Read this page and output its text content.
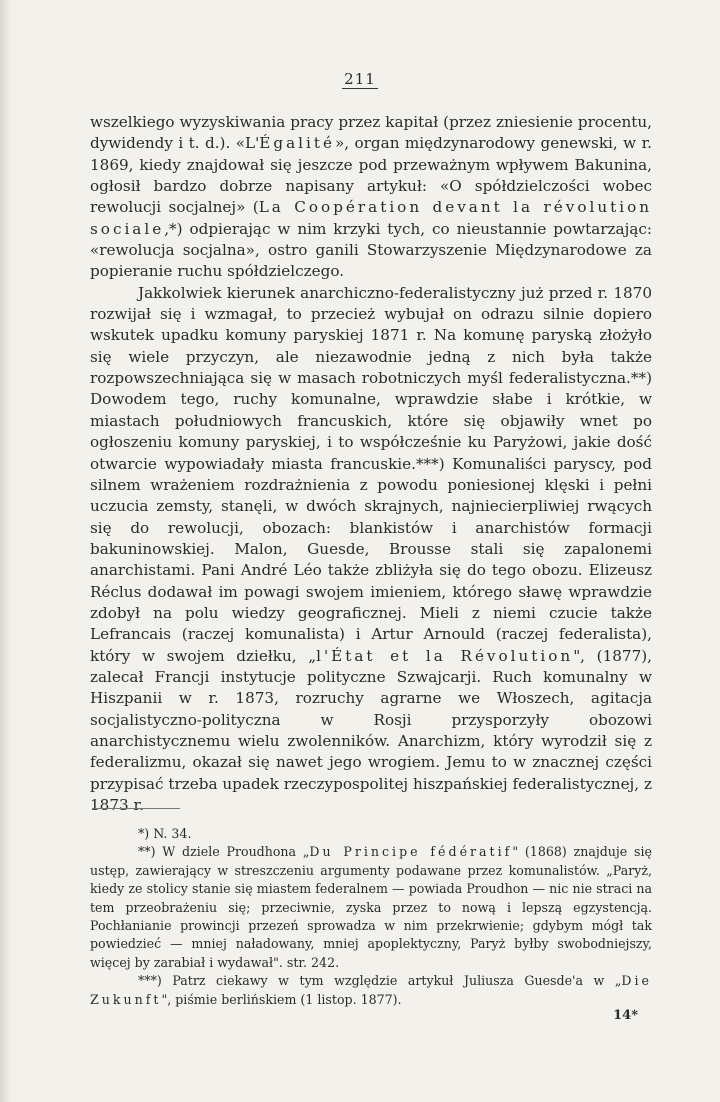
211

wszelkiego wyzyskiwania pracy przez kapitał (przez zniesienie procentu, dywidendy i t. d.). «L'Égalité», organ międzynarodowy genewski, w r. 1869, kiedy znajdował się jeszcze pod przeważnym wpływem Bakunina, ogłosił bardzo dobrze napisany artykuł: «O spółdzielczości wobec rewolucji socjalnej» (La Coopération devant la révolution sociale,*) odpierając w nim krzyki tych, co nieustannie powtarzając: «rewolucja socjalna», ostro ganili Stowarzyszenie Międzynarodowe za popieranie ruchu spółdzielczego.

Jakkolwiek kierunek anarchiczno-federalistyczny już przed r. 1870 rozwijał się i wzmagał, to przecież wybujał on odrazu silnie dopiero wskutek upadku komuny paryskiej 1871 r. Na komunę paryską złożyło się wiele przyczyn, ale niezawodnie jedną z nich była także rozpowszechniająca się w masach robotniczych myśl federalistyczna.**) Dowodem tego, ruchy komunalne, wprawdzie słabe i krótkie, w miastach południowych francuskich, które się objawiły wnet po ogłoszeniu komuny paryskiej, i to współcześnie ku Paryżowi, jakie dość otwarcie wypowiadały miasta francuskie.***) Komunaliści paryscy, pod silnem wrażeniem rozdrażnienia z powodu poniesionej klęski i pełni uczucia zemsty, stanęli, w dwóch skrajnych, najniecierpliwiej rwących się do rewolucji, obozach: blankistów i anarchistów formacji bakuninowskiej. Malon, Guesde, Brousse stali się zapalonemi anarchistami. Pani André Léo także zbliżyła się do tego obozu. Elizeusz Réclus dodawał im powagi swojem imieniem, którego sławę wprawdzie zdobył na polu wiedzy geograficznej. Mieli z niemi czucie także Lefrancais (raczej komunalista) i Artur Arnould (raczej federalista), który w swojem dziełku, „l'État et la Révolution", (1877), zalecał Francji instytucje polityczne Szwajcarji. Ruch komunalny w Hiszpanii w r. 1873, rozruchy agrarne we Włoszech, agitacja socjalistyczno-polityczna w Rosji przysporzyły obozowi anarchistycznemu wielu zwolenników. Anarchizm, który wyrodził się z federalizmu, okazał się nawet jego wrogiem. Jemu to w znacznej części przypisać trzeba upadek rzeczypospolitej hiszpańskiej federalistycznej, z 1873 r.

*) N. 34.

**) W dziele Proudhona „Du Principe fédératif" (1868) znajduje się ustęp, zawierający w streszczeniu argumenty podawane przez komunalistów. „Paryż, kiedy ze stolicy stanie się miastem federalnem — powiada Proudhon — nic nie straci na tem przeobrażeniu się; przeciwnie, zyska przez to nową i lepszą egzystencją. Pochłanianie prowincji przezeń sprowadza w nim przekrwienie; gdybym mógł tak powiedzieć — mniej naładowany, mniej apoplektyczny, Paryż byłby swobodniejszy, więcej by zarabiał i wydawał". str. 242.

***) Patrz ciekawy w tym względzie artykuł Juliusza Guesde'a w „Die Zukunft", piśmie berlińskiem (1 listop. 1877).

14*
